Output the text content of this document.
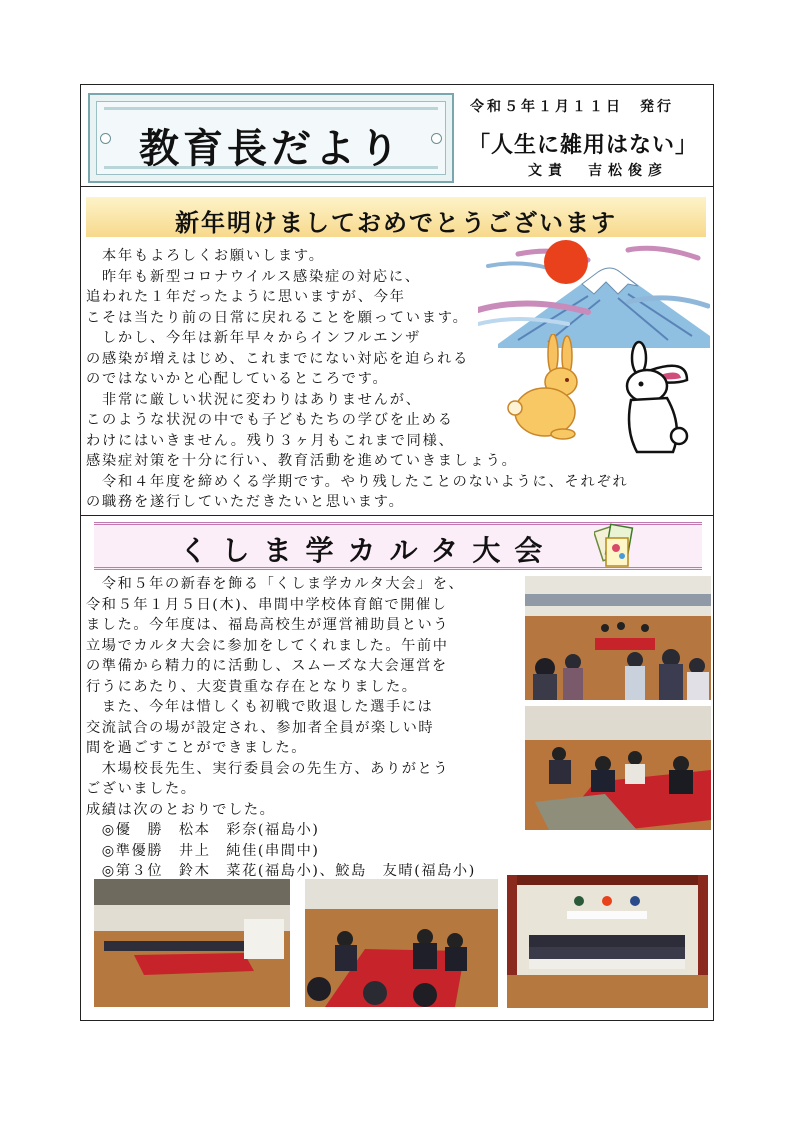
教育長だより
令和５年１月１１日　発行
「人生に雑用はない」
文責　吉松俊彦
新年明けましておめでとうございます
　本年もよろしくお願いします。
　昨年も新型コロナウイルス感染症の対応に、
追われた１年だったように思いますが、今年
こそは当たり前の日常に戻れることを願っています。
　しかし、今年は新年早々からインフルエンザ
の感染が増えはじめ、これまでにない対応を迫られる
のではないかと心配しているところです。
　非常に厳しい状況に変わりはありませんが、
このような状況の中でも子どもたちの学びを止める
わけにはいきません。残り３ヶ月もこれまで同様、
感染症対策を十分に行い、教育活動を進めていきましょう。
　令和４年度を締めくる学期です。やり残したことのないように、それぞれ
の職務を遂行していただきたいと思います。
くしま学カルタ大会
　令和５年の新春を飾る「くしま学カルタ大会」を、
令和５年１月５日(木)、串間中学校体育館で開催し
ました。今年度は、福島高校生が運営補助員という
立場でカルタ大会に参加をしてくれました。午前中
の準備から精力的に活動し、スムーズな大会運営を
行うにあたり、大変貴重な存在となりました。
　また、今年は惜しくも初戦で敗退した選手には
交流試合の場が設定され、参加者全員が楽しい時
間を過ごすことができました。
　木場校長先生、実行委員会の先生方、ありがとう
ございました。
成績は次のとおりでした。
　◎優　勝　松本　彩奈(福島小)
　◎準優勝　井上　純佳(串間中)
　◎第３位　鈴木　菜花(福島小)、鮫島　友晴(福島小)
